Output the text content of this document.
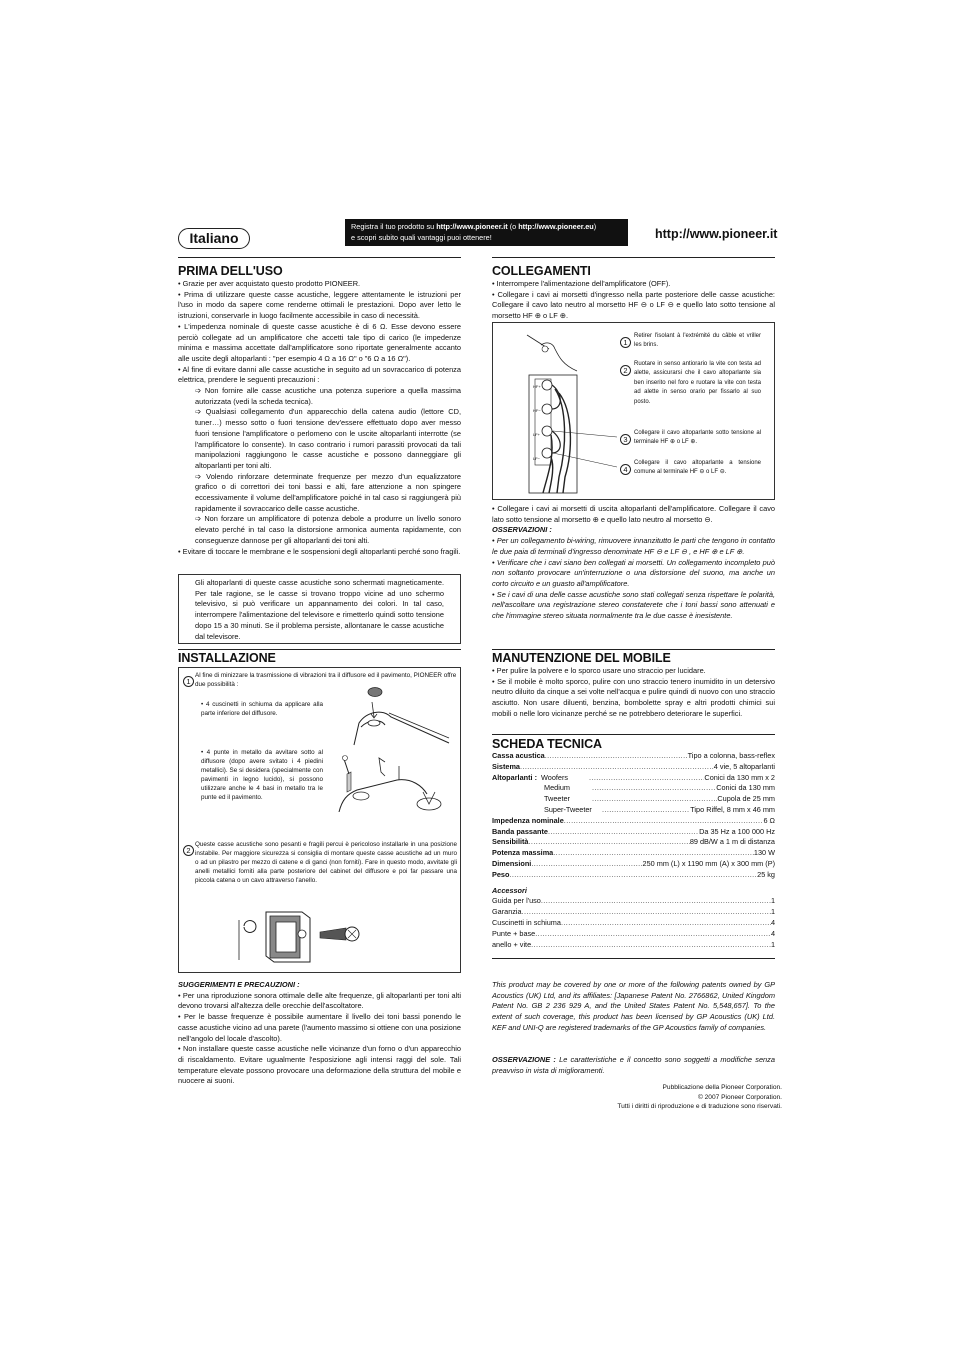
Italiano
Registra il tuo prodotto su http://www.pioneer.it (o http://www.pioneer.eu)
e scopri subito quali vantaggi puoi ottenere!	http://www.pioneer.it
PRIMA DELL'USO

• Grazie per aver acquistato questo prodotto PIONEER.

• Prima di utilizzare queste casse acustiche, leggere attentamente le istruzioni per l'uso in modo da sapere come renderne ottimali le prestazioni. Dopo aver letto le istruzioni, conservarle in luogo facilmente accessibile in caso di necessità.

• L'impedenza nominale di queste casse acustiche è di 6 Ω. Esse devono essere perciò collegate ad un amplificatore che accetti tale tipo di carico (le impedenze minima e massima accettate dall'amplificatore sono riportate generalmente accanto alle uscite degli altoparlanti : "per esempio 4 Ω a 16 Ω" o "6 Ω a 16 Ω").

• Al fine di evitare danni alle casse acustiche in seguito ad un sovraccarico di potenza elettrica, prendere le seguenti precauzioni :

➩ Non fornire alle casse acustiche una potenza superiore a quella massima autorizzata (vedi la scheda tecnica).

➩ Qualsiasi collegamento d'un apparecchio della catena audio (lettore CD, tuner…) messo sotto o fuori tensione dev'essere effettuato dopo aver messo fuori tensione l'amplificatore o perlomeno con le uscite altoparlanti interrotte (se l'amplificatore lo consente). In caso contrario i rumori parassiti provocati da tali manipolazioni raggiungono le casse acustiche e possono danneggiare gli altoparlanti per toni alti.

➩ Volendo rinforzare determinate frequenze per mezzo d'un equalizzatore grafico o di correttori dei toni bassi e alti, fare attenzione a non spingere eccessivamente il volume dell'amplificatore poiché in tal caso si raggiungerà più rapidamente il sovraccarico delle casse acustiche.

➩ Non forzare un amplificatore di potenza debole a produrre un livello sonoro elevato perché in tal caso la distorsione armonica aumenta rapidamente, con conseguenze dannose per gli altoparlanti dei toni alti.

• Evitare di toccare le membrane e le sospensioni degli altoparlanti perché sono fragili.

Gli altoparlanti di queste casse acustiche sono schermati magneticamente. Per tale ragione, se le casse si trovano troppo vicine ad uno schermo televisivo, si può verificare un appannamento dei colori. In tal caso, interrompere l'alimentazione del televisore e rimetterlo quindi sotto tensione dopo 15 a 30 minuti. Se il problema persiste, allontanare le casse acustiche dal televisore.

INSTALLAZIONE
1
Al fine di minizzare la trasmissione di vibrazioni tra il diffusore ed il pavimento, PIONEER offre due possibilità :
• 4 cuscinetti in schiuma da applicare alla parte inferiore del diffusore.
• 4 punte in metallo da avvitare sotto al diffusore (dopo avere svitato i 4 piedini metallici). Se si desidera (specialmente con pavimenti in legno lucido), si possono utilizzare anche le 4 basi in metallo tra le punte ed il pavimento.
2
Queste casse acustiche sono pesanti e fragili percui è pericoloso installarle in una posizione instabile. Per maggiore sicurezza si consiglia di montare queste casse acustiche ad un muro o ad un pilastro per mezzo di catene e di ganci (non forniti). Fare in questo modo, avvitate gli anelli metallici forniti alla parte posteriore del cabinet del diffusore e poi far passare una piccola catena o un cavo attraverso l'anello.

SUGGERIMENTI E PRECAUZIONI :

• Per una riproduzione sonora ottimale delle alte frequenze, gli altoparlanti per toni alti devono trovarsi all'altezza delle orecchie dell'ascoltatore.

• Per le basse frequenze è possibile aumentare il livello dei toni bassi ponendo le casse acustiche vicino ad una parete (l'aumento massimo si ottiene con una posizione nell'angolo del locale d'ascolto).

• Non installare queste casse acustiche nelle vicinanze d'un forno o d'un apparecchio di riscaldamento. Evitare ugualmente l'esposizione agli intensi raggi del sole. Tali temperature elevate possono provocare una deformazione della struttura del mobile e nuocere ai suoni.

COLLEGAMENTI

• Interrompere l'alimentazione dell'amplificatore (OFF).

• Collegare i cavi ai morsetti d'ingresso nella parte posteriore delle casse acustiche: Collegare il cavo lato neutro al morsetto HF ⊖ o LF ⊖ e quello lato sotto tensione al morsetto HF ⊕ o LF ⊕.

HF+
HF−
LF+
LF−
1
Retirer l'isolant à l'extrémité du câble et vriller les brins.
2
Ruotare in senso antiorario la vite con testa ad alette, assicurarsi che il cavo altoparlante sia ben inserito nel foro e ruotare la vite con testa ad alette in senso orario per fissarlo al suo posto.
3
Collegare il cavo altoparlante sotto tensione al terminale HF ⊕ o LF ⊕.
4
Collegare il cavo altoparlante a tensione comune al terminale HF ⊖ o LF ⊖.

• Collegare i cavi ai morsetti di uscita altoparlanti dell'amplificatore. Collegare il cavo lato sotto tensione al morsetto ⊕ e quello lato neutro al morsetto ⊖.

OSSERVAZIONI :

• Per un collegamento bi-wiring, rimuovere innanzitutto le parti che tengono in contatto le due paia di terminali d'ingresso denominate HF ⊖ e LF ⊖ , e HF ⊕ e LF ⊕.

• Verificare che i cavi siano ben collegati ai morsetti. Un collegamento incompleto può non soltanto provocare un'interruzione o una distorsione del suono, ma anche un corto circuito e un guasto all'amplificatore.

• Se i cavi di una delle casse acustiche sono stati collegati senza rispettare le polarità, nell'ascoltare una registrazione stereo constaterete che i toni bassi sono attenuati e che l'immagine stereo situata normalmente tra le due casse è inesistente.

MANUTENZIONE DEL MOBILE

• Per pulire la polvere e lo sporco usare uno straccio per lucidare.

• Se il mobile è molto sporco, pulire con uno straccio tenero inumidito in un detersivo neutro diluito da cinque a sei volte nell'acqua e pulire quindi di nuovo con uno straccio asciutto. Non usare diluenti, benzina, bombolette spray e altri prodotti chimici sui mobili o nelle loro vicinanze perché se ne potrebbero deteriorare le superfici.

SCHEDA TECNICA
Cassa acustica .....	Tipo a colonna, bass-reflex
Sistema .....	4 vie, 5 altoparlanti
Altoparlanti : Woofers .....	Conici da 130 mm x 2
Medium .....	Conici da 130 mm
Tweeter .....	Cupola de 25 mm
Super-Tweeter .....	Tipo Riffel, 8 mm x 46 mm
Impedenza nominale .....	6 Ω
Banda passante .....	Da 35 Hz a 100 000 Hz
Sensibilità .....	89 dB/W a 1 m di distanza
Potenza massima .....	130 W
Dimensioni .....	250 mm (L) x 1190 mm (A) x 300 mm (P)
Peso .....	25 kg
Accessori
Guida per l'uso .....	1
Garanzia .....	1
Cuscinetti in schiuma .....	4
Punte + base .....	4
anello + vite .....	1
This product may be covered by one or more of the following patents owned by GP Acoustics (UK) Ltd, and its affiliates: [Japanese Patent No. 2766862, United Kingdom Patent No. GB 2 236 929 A, and the United States Patent No. 5,548,657]. To the extent of such coverage, this product has been licensed by GP Acoustics (UK) Ltd. KEF and UNI-Q are registered trademarks of the GP Acoustics family of companies.
OSSERVAZIONE : Le caratteristiche e il concetto sono soggetti a modifiche senza preavviso in vista di miglioramenti.
Pubblicazione della Pioneer Corporation.
© 2007 Pioneer Corporation.
Tutti i diritti di riproduzione e di traduzione sono riservati.
